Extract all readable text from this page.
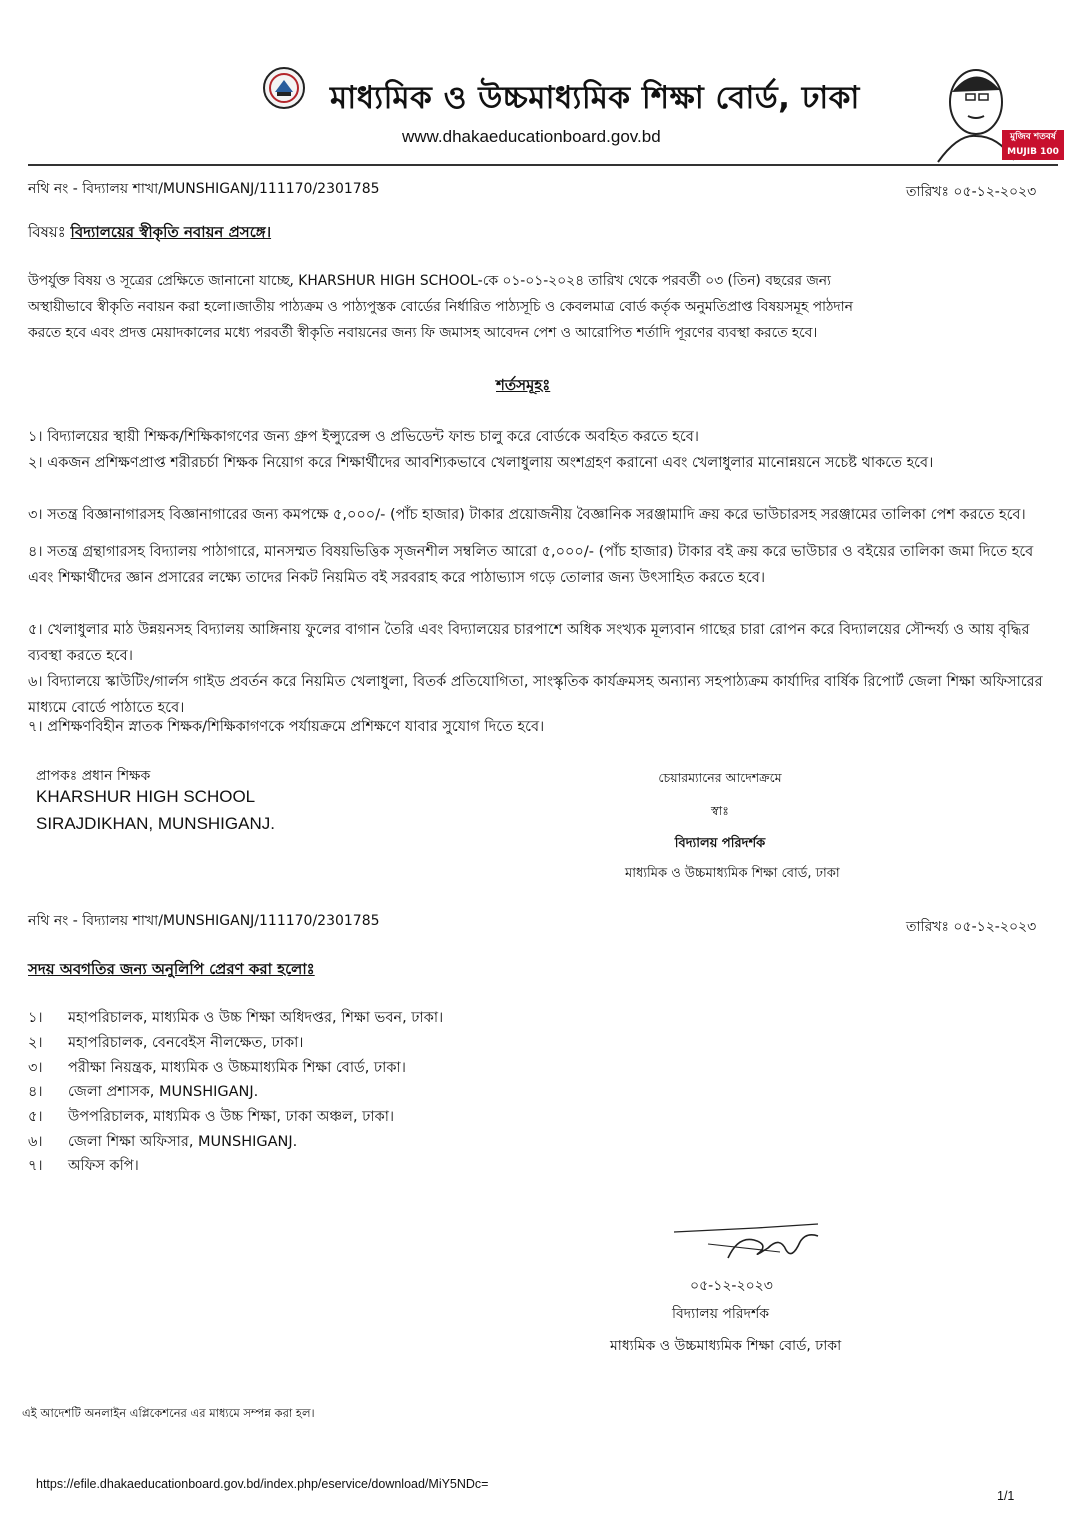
মাধ্যমিক ও উচ্চমাধ্যমিক শিক্ষা বোর্ড, ঢাকা
www.dhakaeducationboard.gov.bd	মুজিব শতবর্ষ MUJIB 100
নথি নং - বিদ্যালয় শাখা/MUNSHIGANJ/111170/2301785	তারিখঃ ০৫-১২-২০২৩
বিষয়ঃ বিদ্যালয়ের স্বীকৃতি নবায়ন প্রসঙ্গে।
উপর্যুক্ত বিষয় ও সূত্রের প্রেক্ষিতে জানানো যাচ্ছে, KHARSHUR HIGH SCHOOL-কে ০১-০১-২০২৪ তারিখ থেকে পরবর্তী ০৩ (তিন) বছরের জন্য
অস্থায়ীভাবে স্বীকৃতি নবায়ন করা হলো।জাতীয় পাঠ্যক্রম ও পাঠ্যপুস্তক বোর্ডের নির্ধারিত পাঠ্যসূচি ও কেবলমাত্র বোর্ড কর্তৃক অনুমতিপ্রাপ্ত বিষয়সমূহ পাঠদান
করতে হবে এবং প্রদত্ত মেয়াদকালের মধ্যে পরবর্তী স্বীকৃতি নবায়নের জন্য ফি জমাসহ আবেদন পেশ ও আরোপিত শর্তাদি পূরণের ব্যবস্থা করতে হবে।
শর্তসমূহঃ
১। বিদ্যালয়ের স্থায়ী শিক্ষক/শিক্ষিকাগণের জন্য গ্রুপ ইন্স্যুরেন্স ও প্রভিডেন্ট ফান্ড চালু করে বোর্ডকে অবহিত করতে হবে।
২। একজন প্রশিক্ষণপ্রাপ্ত শরীরচর্চা শিক্ষক নিয়োগ করে শিক্ষার্থীদের আবশ্যিকভাবে খেলাধুলায় অংশগ্রহণ করানো এবং খেলাধুলার মানোন্নয়নে সচেষ্ট থাকতে হবে।
৩। সতন্ত্র বিজ্ঞানাগারসহ বিজ্ঞানাগারের জন্য কমপক্ষে ৫,০০০/- (পাঁচ হাজার) টাকার প্রয়োজনীয় বৈজ্ঞানিক সরঞ্জামাদি ক্রয় করে ভাউচারসহ সরঞ্জামের তালিকা পেশ করতে হবে।
৪। সতন্ত্র গ্রন্থাগারসহ বিদ্যালয় পাঠাগারে, মানসম্মত বিষয়ভিত্তিক সৃজনশীল সম্বলিত আরো ৫,০০০/- (পাঁচ হাজার) টাকার বই ক্রয় করে ভাউচার ও বইয়ের তালিকা জমা দিতে হবে এবং শিক্ষার্থীদের জ্ঞান প্রসারের লক্ষ্যে তাদের নিকট নিয়মিত বই সরবরাহ করে পাঠাভ্যাস গড়ে তোলার জন্য উৎসাহিত করতে হবে।
৫। খেলাধুলার মাঠ উন্নয়নসহ বিদ্যালয় আঙ্গিনায় ফুলের বাগান তৈরি এবং বিদ্যালয়ের চারপাশে অধিক সংখ্যক মূল্যবান গাছের চারা রোপন করে বিদ্যালয়ের সৌন্দর্য্য ও আয় বৃদ্ধির ব্যবস্থা করতে হবে।
৬। বিদ্যালয়ে স্কাউটিং/গার্লস গাইড প্রবর্তন করে নিয়মিত খেলাধুলা, বিতর্ক প্রতিযোগিতা, সাংস্কৃতিক কার্যক্রমসহ অন্যান্য সহপাঠ্যক্রম কার্যাদির বার্ষিক রিপোর্ট জেলা শিক্ষা অফিসারের মাধ্যমে বোর্ডে পাঠাতে হবে।
৭। প্রশিক্ষণবিহীন স্নাতক শিক্ষক/শিক্ষিকাগণকে পর্যায়ক্রমে প্রশিক্ষণে যাবার সুযোগ দিতে হবে।
প্রাপকঃ প্রধান শিক্ষক
KHARSHUR HIGH SCHOOL
SIRAJDIKHAN, MUNSHIGANJ.
চেয়ারম্যানের আদেশক্রমে
স্বাঃ
বিদ্যালয় পরিদর্শক
মাধ্যমিক ও উচ্চমাধ্যমিক শিক্ষা বোর্ড, ঢাকা
নথি নং - বিদ্যালয় শাখা/MUNSHIGANJ/111170/2301785	তারিখঃ ০৫-১২-২০২৩
সদয় অবগতির জন্য অনুলিপি প্রেরণ করা হলোঃ
১।	মহাপরিচালক, মাধ্যমিক ও উচ্চ শিক্ষা অধিদপ্তর, শিক্ষা ভবন, ঢাকা।
২।	মহাপরিচালক, বেনবেইস নীলক্ষেত, ঢাকা।
৩।	পরীক্ষা নিয়ন্ত্রক, মাধ্যমিক ও উচ্চমাধ্যমিক শিক্ষা বোর্ড, ঢাকা।
৪।	জেলা প্রশাসক, MUNSHIGANJ.
৫।	উপপরিচালক, মাধ্যমিক ও উচ্চ শিক্ষা, ঢাকা অঞ্চল, ঢাকা।
৬।	জেলা শিক্ষা অফিসার, MUNSHIGANJ.
৭।	অফিস কপি।
০৫-১২-২০২৩
বিদ্যালয় পরিদর্শক
মাধ্যমিক ও উচ্চমাধ্যমিক শিক্ষা বোর্ড, ঢাকা
এই আদেশটি অনলাইন এপ্লিকেশনের এর মাধ্যমে সম্পন্ন করা হল।
https://efile.dhakaeducationboard.gov.bd/index.php/eservice/download/MiY5NDc=
1/1
